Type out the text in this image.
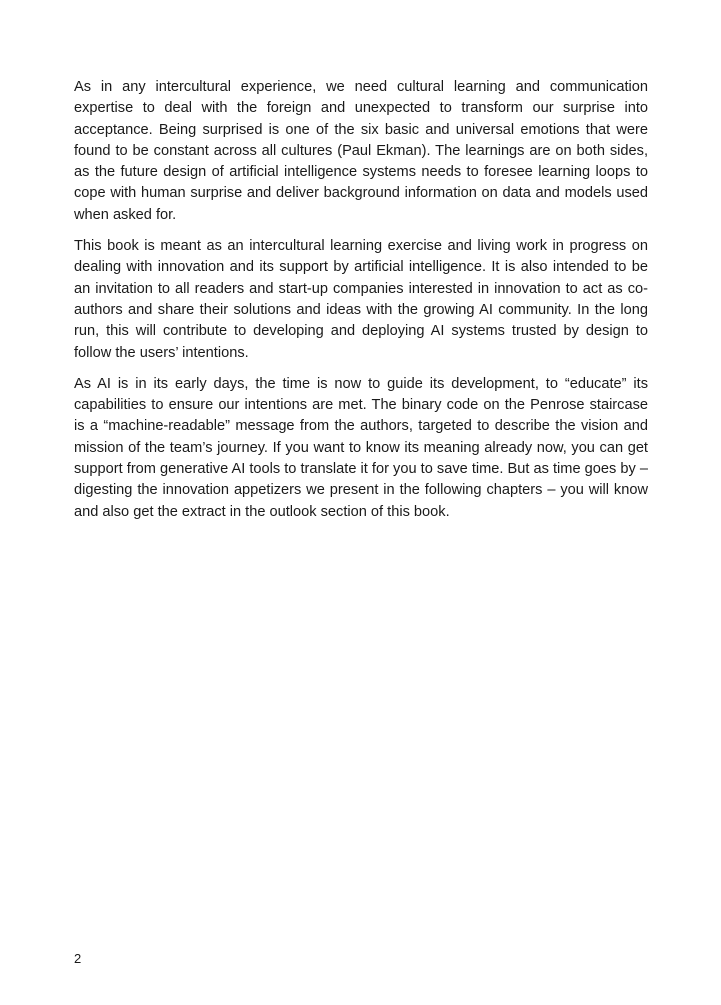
As in any intercultural experience, we need cultural learning and communication expertise to deal with the foreign and unexpected to transform our surprise into acceptance. Being surprised is one of the six basic and universal emotions that were found to be constant across all cultures (Paul Ekman). The learnings are on both sides, as the future design of artificial intelligence systems needs to foresee learning loops to cope with human surprise and deliver background information on data and models used when asked for.

This book is meant as an intercultural learning exercise and living work in progress on dealing with innovation and its support by artificial intelligence. It is also intended to be an invitation to all readers and start-up companies interested in innovation to act as co-authors and share their solutions and ideas with the growing AI community. In the long run, this will contribute to developing and deploying AI systems trusted by design to follow the users’ intentions.

As AI is in its early days, the time is now to guide its development, to “educate” its capabilities to ensure our intentions are met. The binary code on the Penrose staircase is a “machine-readable” message from the authors, targeted to describe the vision and mission of the team’s journey. If you want to know its meaning already now, you can get support from generative AI tools to translate it for you to save time. But as time goes by – digesting the innovation appetizers we present in the following chapters – you will know and also get the extract in the outlook section of this book.

2
